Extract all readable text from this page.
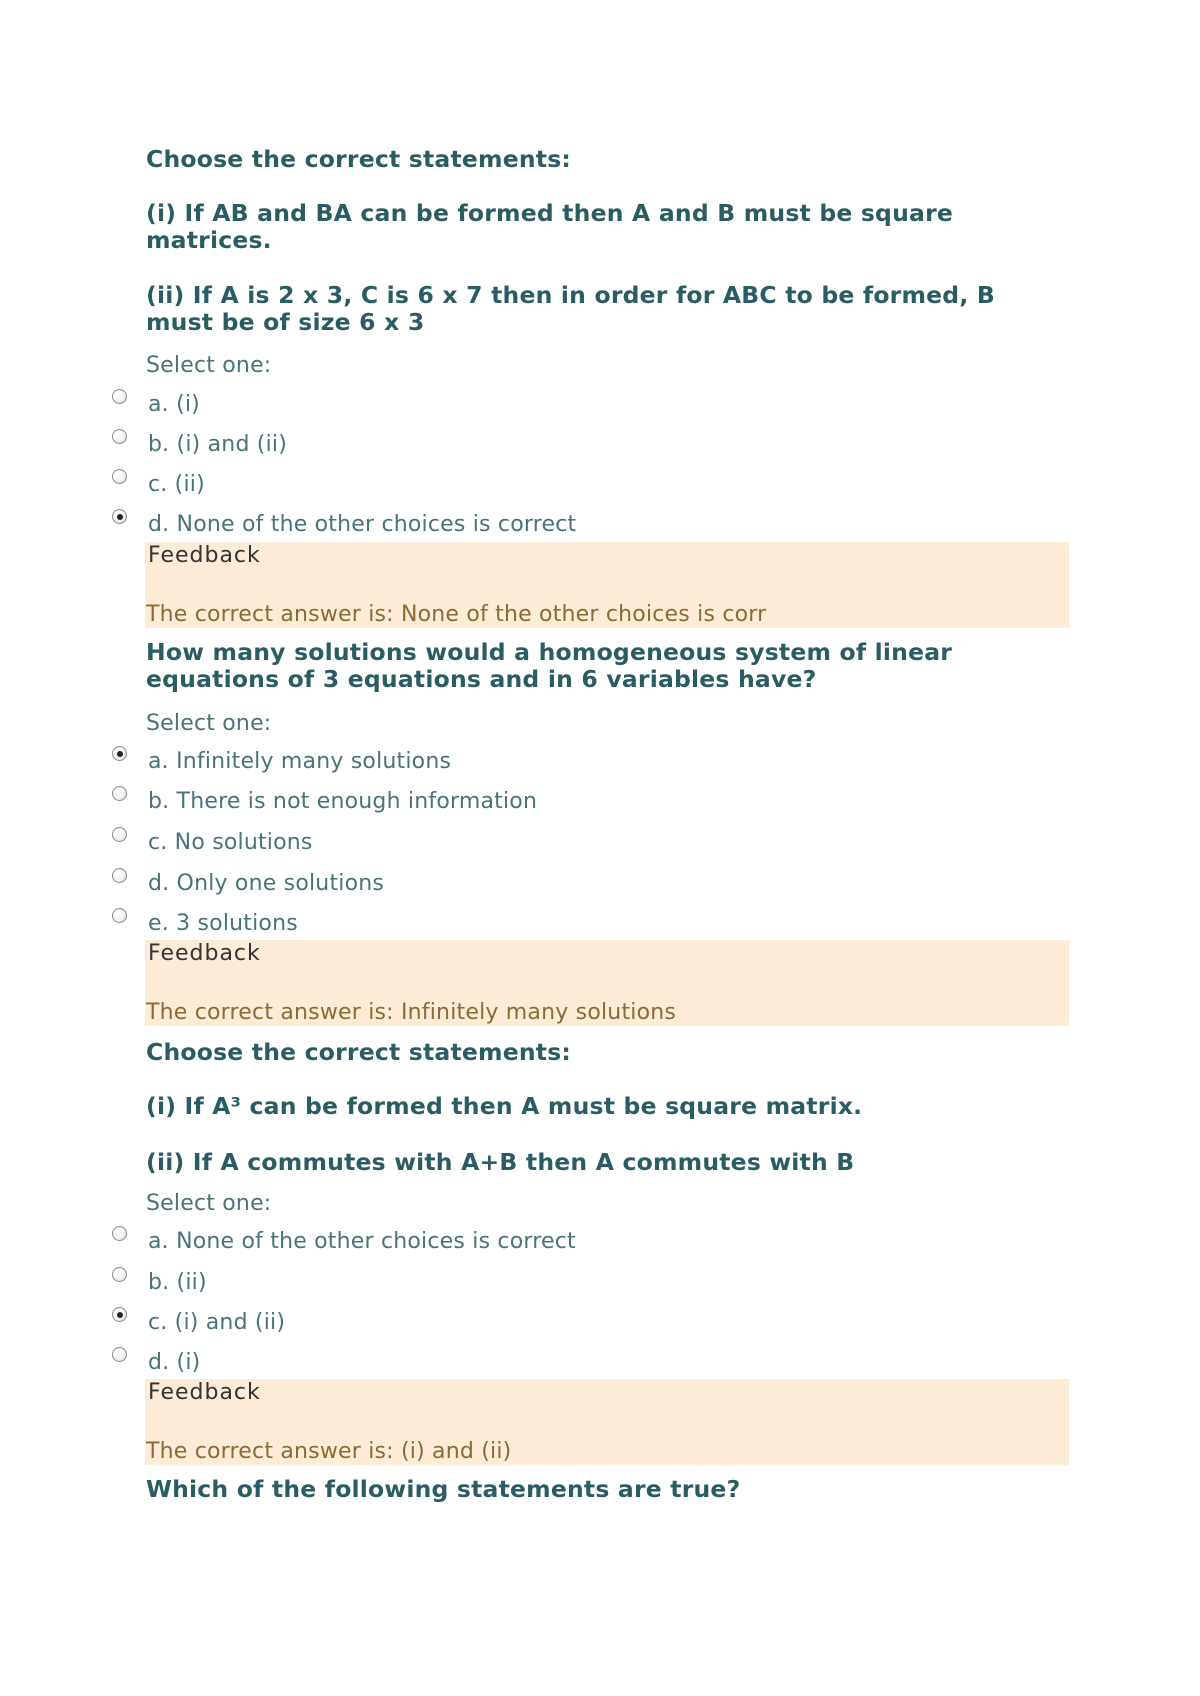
Choose the correct statements:

(i) If AB and BA can be formed then A and B must be square matrices.

(ii) If A is 2 x 3, C is 6 x 7 then in order for ABC to be formed, B must be of size 6 x 3

Select one:
a. (i)
b. (i) and (ii)
c. (ii)
d. None of the other choices is correct
Feedback
The correct answer is: None of the other choices is corr

How many solutions would a homogeneous system of linear equations of 3 equations and in 6 variables have?

Select one:
a. Infinitely many solutions
b. There is not enough information
c. No solutions
d. Only one solutions
e. 3 solutions
Feedback
The correct answer is: Infinitely many solutions

Choose the correct statements:

(i) If A³ can be formed then A must be square matrix.

(ii) If A commutes with A+B then A commutes with B

Select one:
a. None of the other choices is correct
b. (ii)
c. (i) and (ii)
d. (i)
Feedback
The correct answer is: (i) and (ii)

Which of the following statements are true?
